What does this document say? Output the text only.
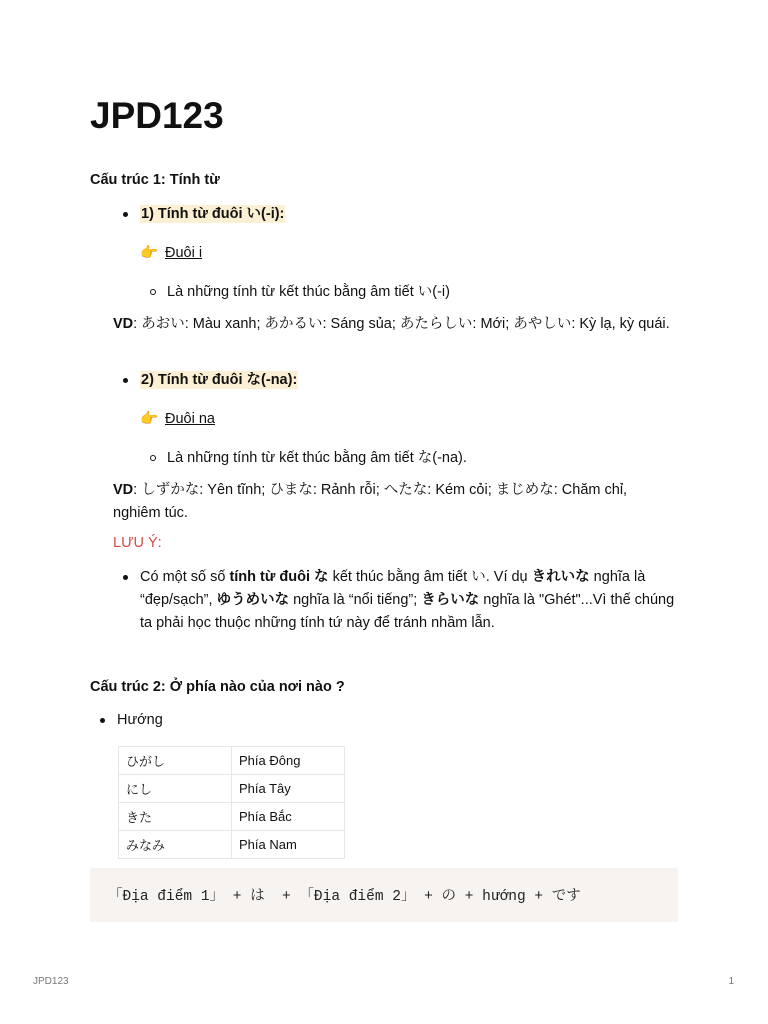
JPD123
Cấu trúc 1: Tính từ
1) Tính từ đuôi い(-i):
👉 Đuôi i
Là những tính từ kết thúc bằng âm tiết い(-i)
VD: あおい: Màu xanh; あかるい: Sáng sủa; あたらしい: Mới; あやしい: Kỳ lạ, kỳ quái.
2) Tính từ đuôi な(-na):
👉 Đuôi na
Là những tính từ kết thúc bằng âm tiết な(-na).
VD: しずかな: Yên tĩnh; ひまな: Rảnh rỗi; へたな: Kém cỏi; まじめな: Chăm chỉ, nghiêm túc.
LƯU Ý:
Có một số số tính từ đuôi な kết thúc bằng âm tiết い. Ví dụ きれいな nghĩa là “đẹp/sạch”, ゆうめいな nghĩa là “nổi tiếng”; きらいな nghĩa là "Ghét"...Vì thế chúng ta phải học thuộc những tính tứ này để tránh nhầm lẫn.
Cấu trúc 2: Ở phía nào của nơi nào ?
Hướng
ひがし	Phía Đông
にし	Phía Tây
きた	Phía Bắc
みなみ	Phía Nam
「Địa điểm 1」 + は  + 「Địa điểm 2」 + の + hướng + です
JPD123	1
